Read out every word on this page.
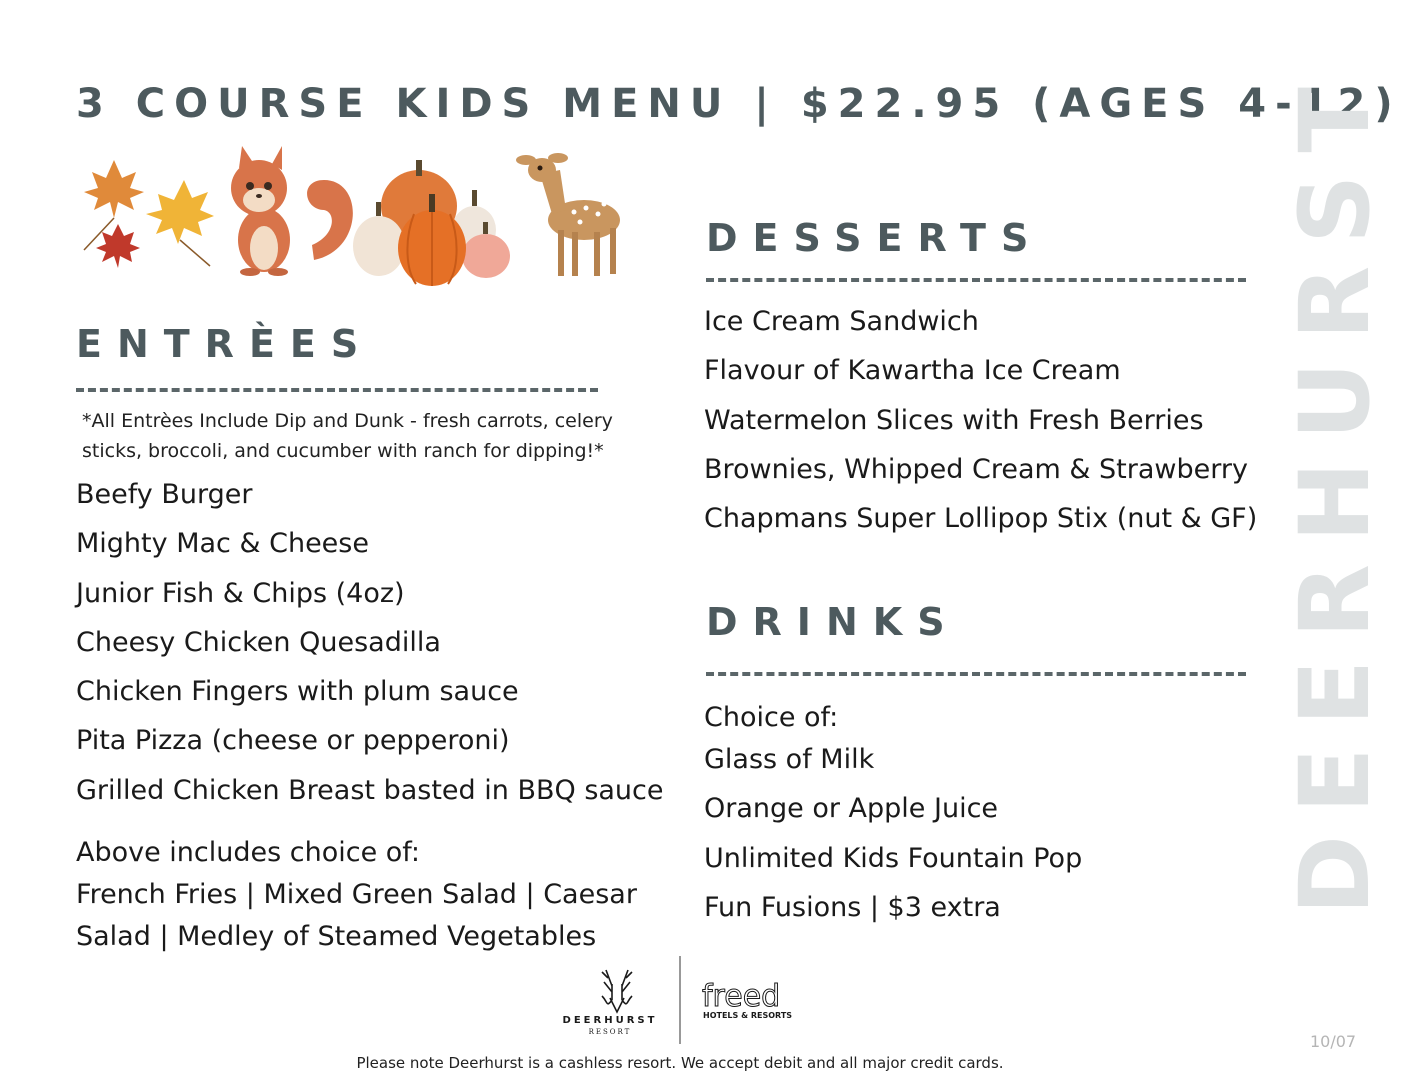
3 COURSE KIDS MENU | $22.95 (AGES 4-12)
DEERHURST
ENTRÈES
*All Entrèes Include Dip and Dunk - fresh carrots, celery sticks, broccoli, and cucumber with ranch for dipping!*
Beefy Burger
Mighty Mac & Cheese
Junior Fish & Chips (4oz)
Cheesy Chicken Quesadilla
Chicken Fingers with plum sauce
Pita Pizza (cheese or pepperoni)
Grilled Chicken Breast basted in BBQ sauce
Above includes choice of:
French Fries | Mixed Green Salad | Caesar
Salad | Medley of Steamed Vegetables
DESSERTS
Ice Cream Sandwich
Flavour of Kawartha Ice Cream
Watermelon Slices with Fresh Berries
Brownies, Whipped Cream & Strawberry
Chapmans Super Lollipop Stix (nut & GF)
DRINKS
Choice of:
Glass of Milk
Orange or Apple Juice
Unlimited Kids Fountain Pop
Fun Fusions | $3 extra
DEERHURST
RESORT
freed
HOTELS & RESORTS
Please note Deerhurst is a cashless resort. We accept debit and all major credit cards.
10/07
